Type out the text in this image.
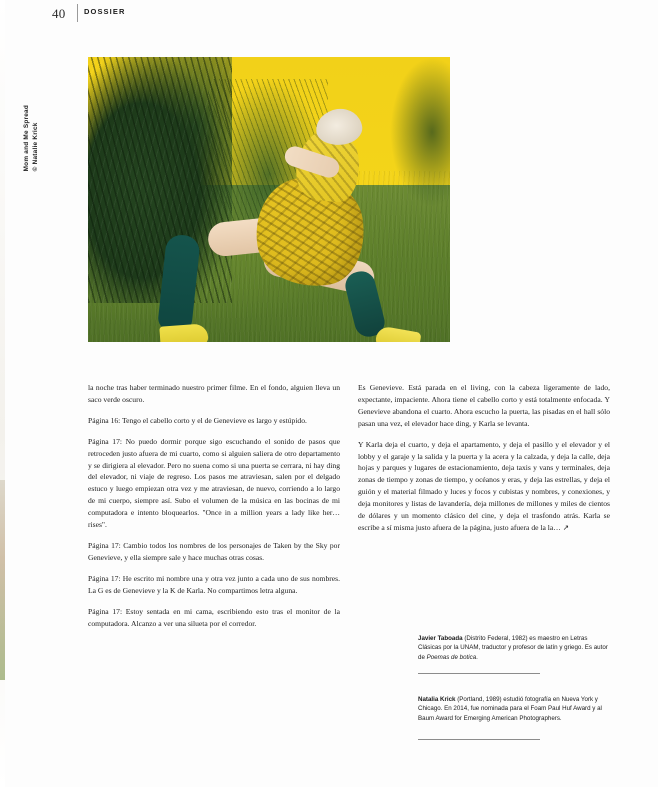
40 DOSSIER
Mom and Me Spread © Natalie Krick

la noche tras haber terminado nuestro primer filme. En el fondo, alguien lleva un saco verde oscuro.

Página 16: Tengo el cabello corto y el de Genevieve es largo y estúpido.

Página 17: No puedo dormir porque sigo escuchando el sonido de pasos que retroceden justo afuera de mi cuarto, como si alguien saliera de otro departamento y se dirigiera al elevador. Pero no suena como si una puerta se cerrara, ni hay ding del elevador, ni viaje de regreso. Los pasos me atraviesan, salen por el delgado estuco y luego empiezan otra vez y me atraviesan, de nuevo, corriendo a lo largo de mi cuerpo, siempre así. Subo el volumen de la música en las bocinas de mi computadora e intento bloquearlos. "Once in a million years a lady like her… rises".

Página 17: Cambio todos los nombres de los personajes de Taken by the Sky por Genevieve, y ella siempre sale y hace muchas otras cosas.

Página 17: He escrito mi nombre una y otra vez junto a cada uno de sus nombres. La G es de Genevieve y la K de Karla. No compartimos letra alguna.

Página 17: Estoy sentada en mi cama, escribiendo esto tras el monitor de la computadora. Alcanzo a ver una silueta por el corredor.

Es Genevieve. Está parada en el living, con la cabeza ligeramente de lado, expectante, impaciente. Ahora tiene el cabello corto y está totalmente enfocada. Y Genevieve abandona el cuarto. Ahora escucho la puerta, las pisadas en el hall sólo pasan una vez, el elevador hace ding, y Karla se levanta.

Y Karla deja el cuarto, y deja el apartamento, y deja el pasillo y el elevador y el lobby y el garaje y la salida y la puerta y la acera y la calzada, y deja la calle, deja hojas y parques y lugares de estacionamiento, deja taxis y vans y terminales, deja zonas de tiempo y zonas de tiempo, y océanos y eras, y deja las estrellas, y deja el guión y el material filmado y luces y focos y cubistas y nombres, y conexiones, y deja monitores y listas de lavandería, deja millones de millones y miles de cientos de dólares y un momento clásico del cine, y deja el trasfondo atrás. Karla se escribe a sí misma justo afuera de la página, justo afuera de la la… ↗

Javier Taboada (Distrito Federal, 1982) es maestro en Letras Clásicas por la UNAM, traductor y profesor de latín y griego. Es autor de Poemas de botica.
Natalia Krick (Portland, 1989) estudió fotografía en Nueva York y Chicago. En 2014, fue nominada para el Foam Paul Huf Award y al Baum Award for Emerging American Photographers.
